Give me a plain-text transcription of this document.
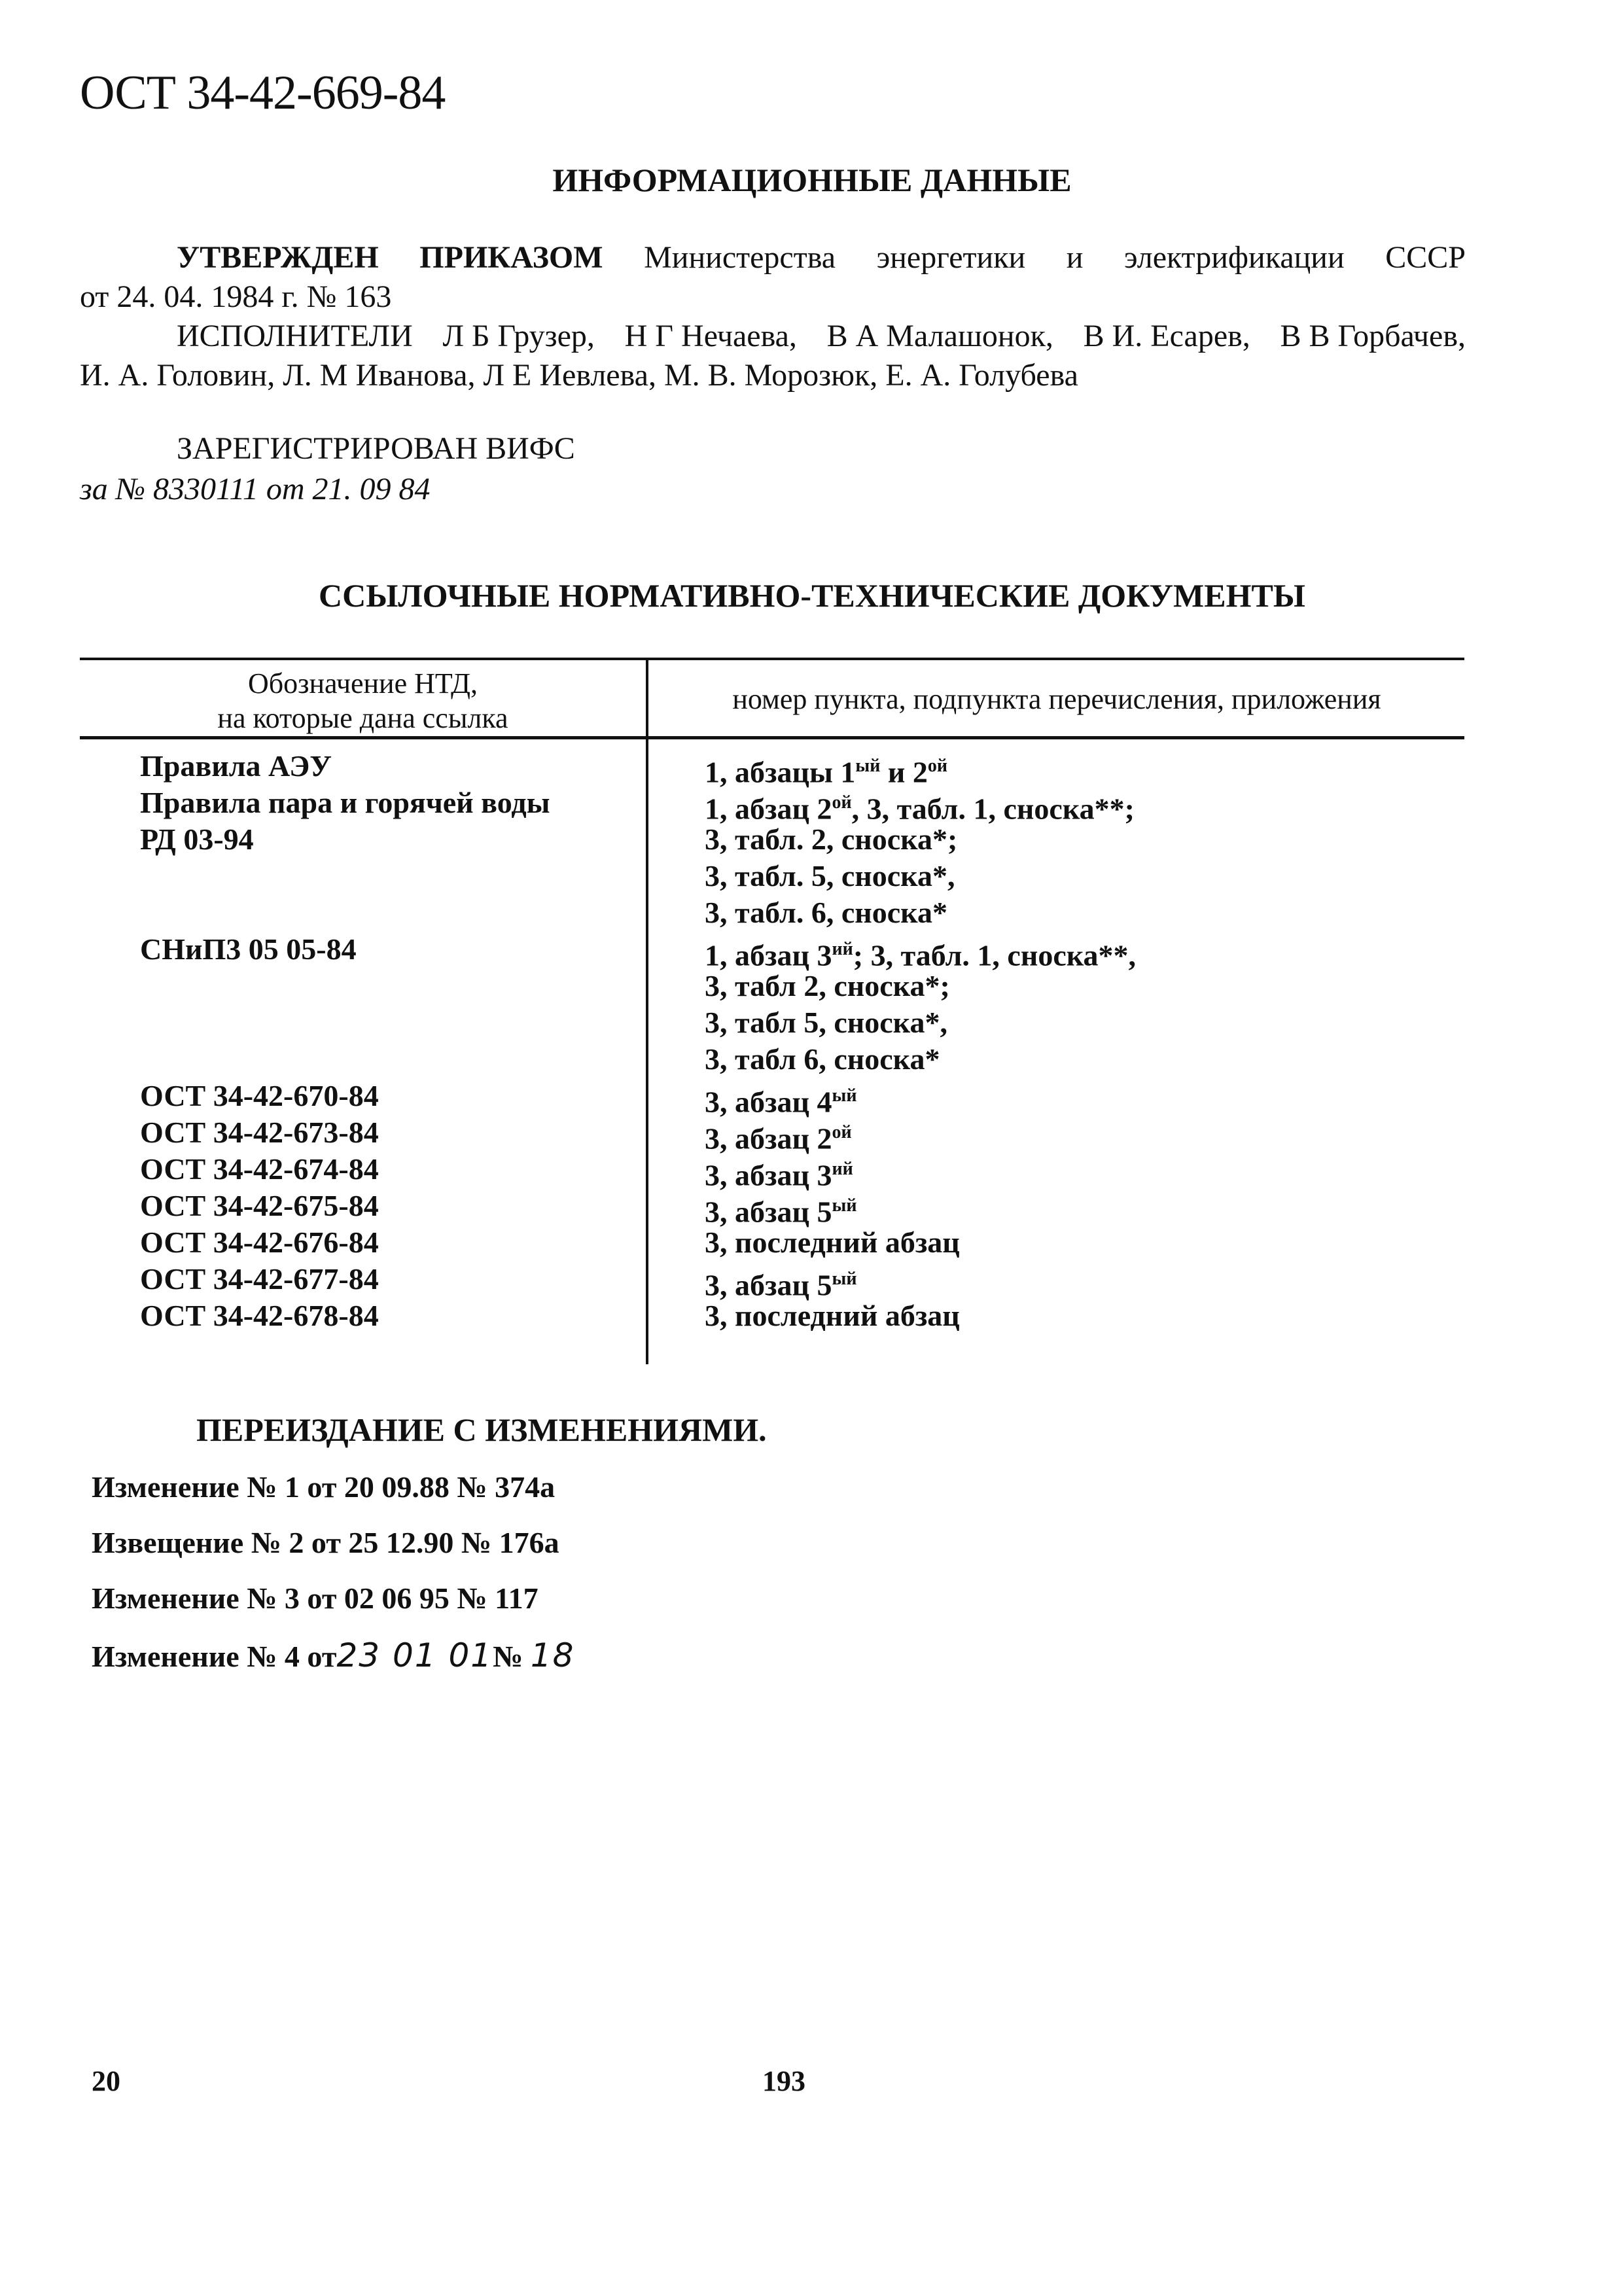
ОСТ 34-42-669-84
ИНФОРМАЦИОННЫЕ ДАННЫЕ
УТВЕРЖДЕН ПРИКАЗОМ Министерства энергетики и электрификации СССР
от 24. 04. 1984 г. № 163
ИСПОЛНИТЕЛИ Л Б Грузер, Н Г Нечаева, В А Малашонок, В И. Есарев, В В Горбачев,
И. А. Головин, Л. М Иванова, Л Е Иевлева, М. В. Морозюк, Е. А. Голубева
ЗАРЕГИСТРИРОВАН ВИФС
за № 8330111 от 21. 09 84
ССЫЛОЧНЫЕ НОРМАТИВНО-ТЕХНИЧЕСКИЕ ДОКУМЕНТЫ
Обозначение НТД,
на которые дана ссылка
номер пункта, подпункта перечисления, приложения
Правила АЭУ
Правила пара и горячей воды
РД 03-94
СНиП3 05 05-84
ОСТ 34-42-670-84
ОСТ 34-42-673-84
ОСТ 34-42-674-84
ОСТ 34-42-675-84
ОСТ 34-42-676-84
ОСТ 34-42-677-84
ОСТ 34-42-678-84
1, абзацы $1^{ый}$ и $2^{ой}$
1, абзац $2^{ой}$, 3, табл. 1, сноска**;
3, табл. 2, сноска*;
3, табл. 5, сноска*,
3, табл. 6, сноска*
1, абзац $3^{ий}$; 3, табл. 1, сноска**,
3, табл 2, сноска*;
3, табл 5, сноска*,
3, табл 6, сноска*
3, абзац $4^{ый}$
3, абзац $2^{ой}$
3, абзац $3^{ий}$
3, абзац $5^{ый}$
3, последний абзац
3, абзац $5^{ый}$
3, последний абзац
ПЕРЕИЗДАНИЕ С ИЗМЕНЕНИЯМИ.
Изменение № 1 от 20 09.88 № 374а
Извещение № 2 от 25 12.90 № 176а
Изменение № 3 от 02 06 95 № 117
Изменение № 4 от23 01 01№ 18
20	193
